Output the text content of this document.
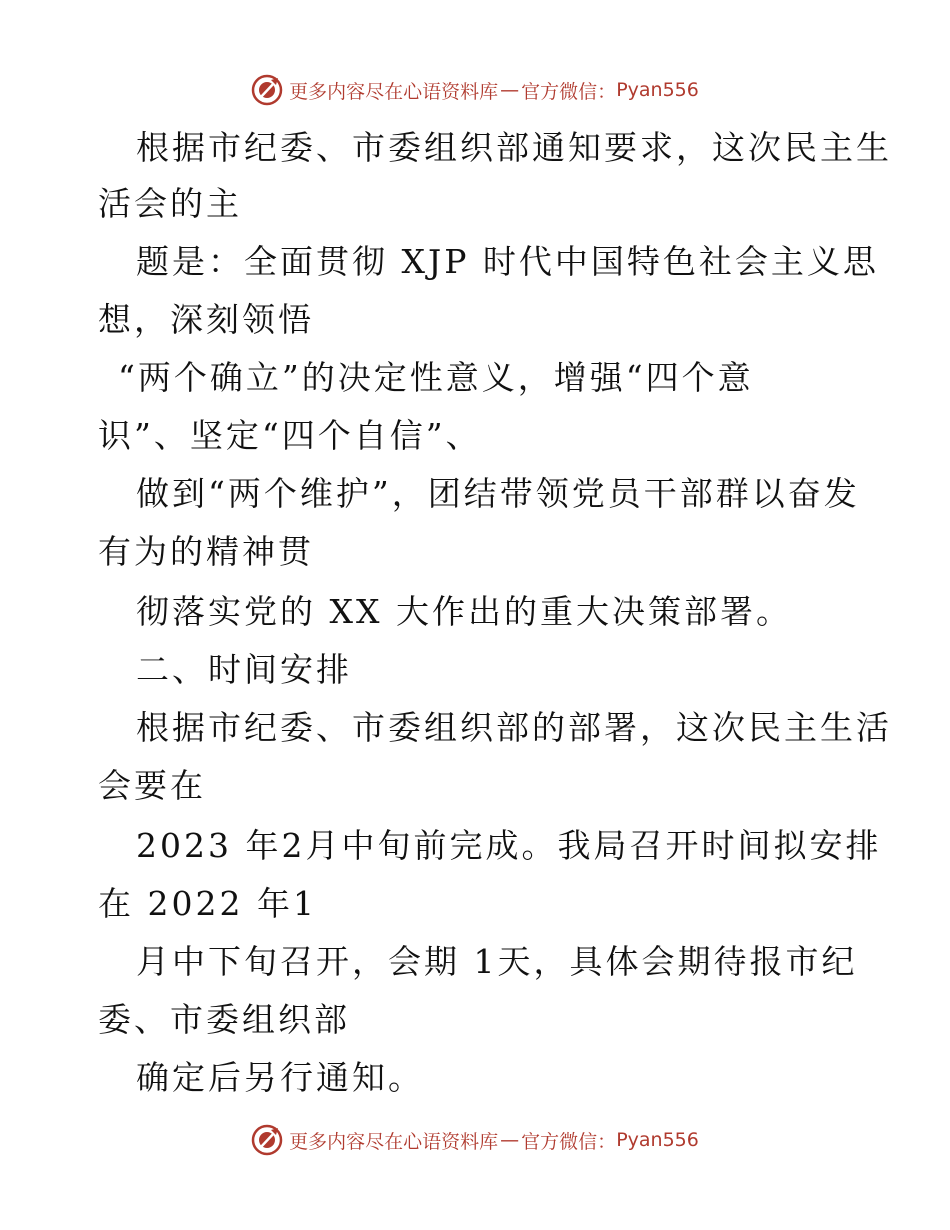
更多内容尽在心语资料库 — 官方微信： Pyan556
根据市纪委、市委组织部通知要求，这次民主生
活会的主
题是：全面贯彻 XJP 时代中国特色社会主义思
想，深刻领悟
“两个确立”的决定性意义，增强“四个意
识”、坚定“四个自信”、
做到“两个维护”，团结带领党员干部群以奋发
有为的精神贯
彻落实党的 XX 大作出的重大决策部署。
二、时间安排
根据市纪委、市委组织部的部署，这次民主生活
会要在
2023 年2月中旬前完成。我局召开时间拟安排
在 2022 年1
月中下旬召开，会期 1天，具体会期待报市纪
委、市委组织部
确定后另行通知。
更多内容尽在心语资料库 — 官方微信： Pyan556
